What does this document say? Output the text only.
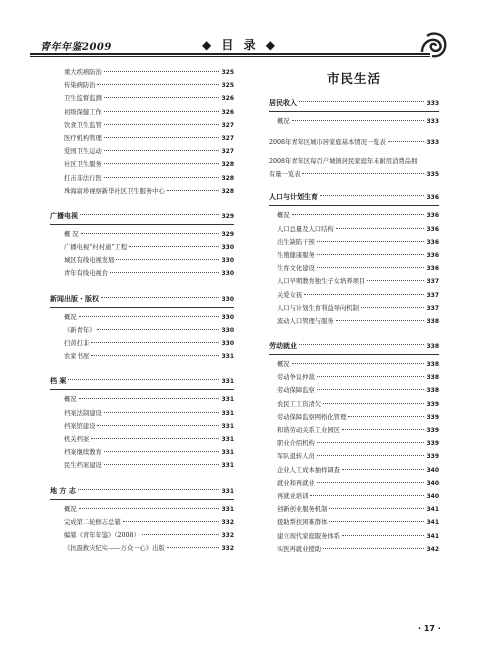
青年年鉴2009	◆ 目 录 ◆
重大疾病防治	325
传染病防治	325
卫生监督监测	326
初级保健工作	326
饮食卫生监管	327
医疗机构管理	327
爱国卫生运动	327
社区卫生服务	328
打击非法行医	328
珠海富珍视察新华社区卫生服务中心	328
广播电视	329
概 况	329
广播电视“村村通”工程	330
城区有线电视发展	330
青年有线电视台	330
新闻出版・版权	330
概况	330
《新青年》	330
扫黄打非	330
农家书屋	331
档 案	331
概况	331
档案法制建设	331
档案馆建设	331
机关档案	331
档案继续教育	331
民生档案建设	331
地 方 志	331
概况	331
完成第二轮修志总纂	332
编纂《青年年鉴》（2008）	332
《抗震救灾纪实——万众一心》出版	332
市民生活
居民收入	333
概况	333
2008年青年区城市居家庭基本情况一览表	333
2008年青年区每百户城镇居民家庭年末耐用消费品拥
有量一览表	335
人口与计划生育	336
概况	336
人口总量及人口结构	336
出生缺陷干预	336
生殖健康服务	336
生育文化建设	336
人口早期教育独生子女培养项目	337
关爱女孩	337
人口与计划生育利益导向机制	337
流动人口管理与服务	338
劳动就业	338
概况	338
劳动争议仲裁	338
劳动保障监察	338
农民工工资清欠	339
劳动保障监察网格化管理	339
和谐劳动关系工业园区	339
职业介绍机构	339
军队退转人员	339
企业人工成本抽样调查	340
就业和再就业	340
再就业培训	340
创新创业服务机制	341
援助帮扶困难群体	341
建立现代家庭服务体系	341
实医再就业援助	342
· 17 ·
